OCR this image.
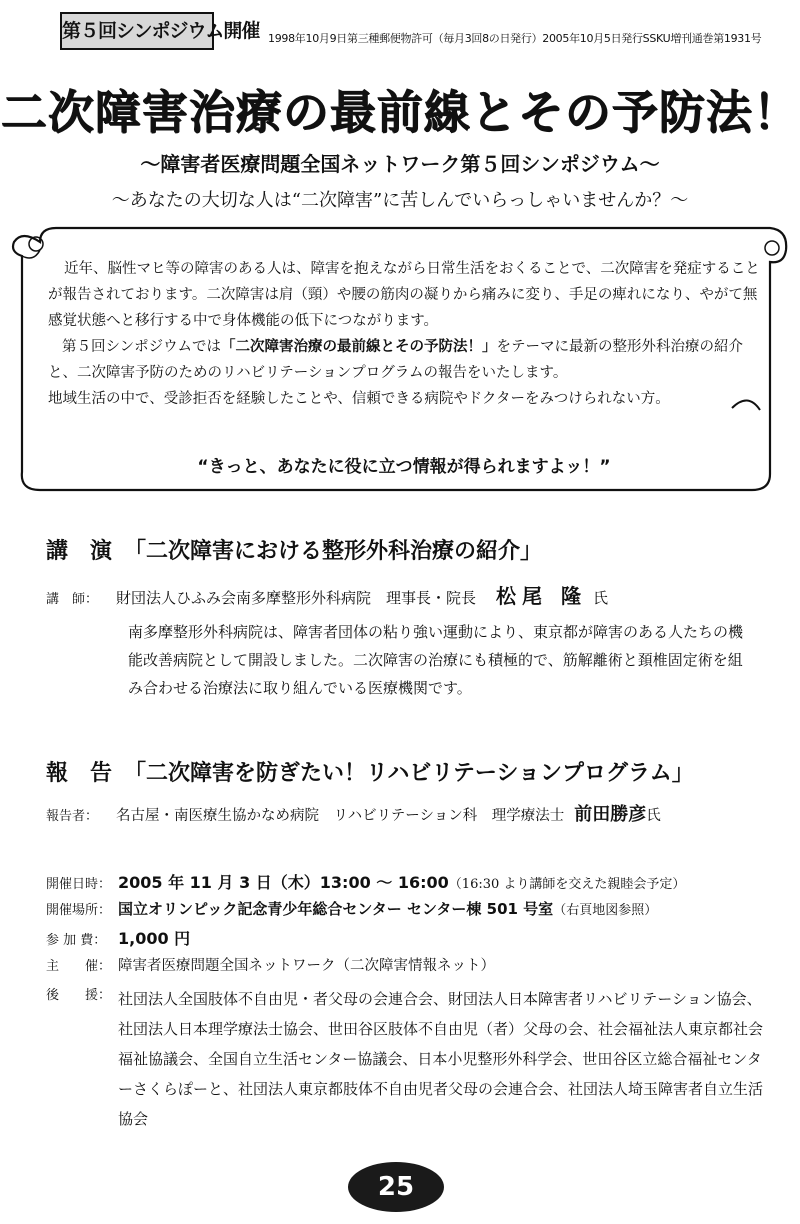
第５回シンポジウム開催 1998年10月9日第三種郵便物許可（毎月3回8の日発行）2005年10月5日発行SSKU増刊通巻第1931号
二次障害治療の最前線とその予防法！
～障害者医療問題全国ネットワーク第５回シンポジウム～
～あなたの大切な人は“二次障害”に苦しんでいらっしゃいませんか？～

近年、脳性マヒ等の障害のある人は、障害を抱えながら日常生活をおくることで、二次障害を発症することが報告されております。二次障害は肩（頸）や腰の筋肉の凝りから痛みに変り、手足の痺れになり、やがて無感覚状態へと移行する中で身体機能の低下につながります。

第５回シンポジウムでは「二次障害治療の最前線とその予防法！」をテーマに最新の整形外科治療の紹介と、二次障害予防のためのリハビリテーションプログラムの報告をいたします。

地域生活の中で、受診拒否を経験したことや、信頼できる病院やドクターをみつけられない方。

“きっと、あなたに役に立つ情報が得られますよッ！”
講 演 「二次障害における整形外科治療の紹介」
講　師： 財団法人ひふみ会南多摩整形外科病院　理事長・院長 松尾 隆 氏
南多摩整形外科病院は、障害者団体の粘り強い運動により、東京都が障害のある人たちの機能改善病院として開設しました。二次障害の治療にも積極的で、筋解離術と頚椎固定術を組み合わせる治療法に取り組んでいる医療機関です。
報 告 「二次障害を防ぎたい！リハビリテーションプログラム」
報告者： 名古屋・南医療生協かなめ病院　リハビリテーション科　理学療法士 前田勝彦氏
開催日時： 2005 年 11 月 3 日（木）13:00 ～ 16:00（16:30 より講師を交えた親睦会予定）
開催場所： 国立オリンピック記念青少年総合センター センター棟 501 号室（右頁地図参照）
参 加 費： 1,000 円
主　　催： 障害者医療問題全国ネットワーク（二次障害情報ネット）
後　　援： 社団法人全国肢体不自由児・者父母の会連合会、財団法人日本障害者リハビリテーション協会、社団法人日本理学療法士協会、世田谷区肢体不自由児（者）父母の会、社会福祉法人東京都社会福祉協議会、全国自立生活センター協議会、日本小児整形外科学会、世田谷区立総合福祉センターさくらぽーと、社団法人東京都肢体不自由児者父母の会連合会、社団法人埼玉障害者自立生活協会
25
